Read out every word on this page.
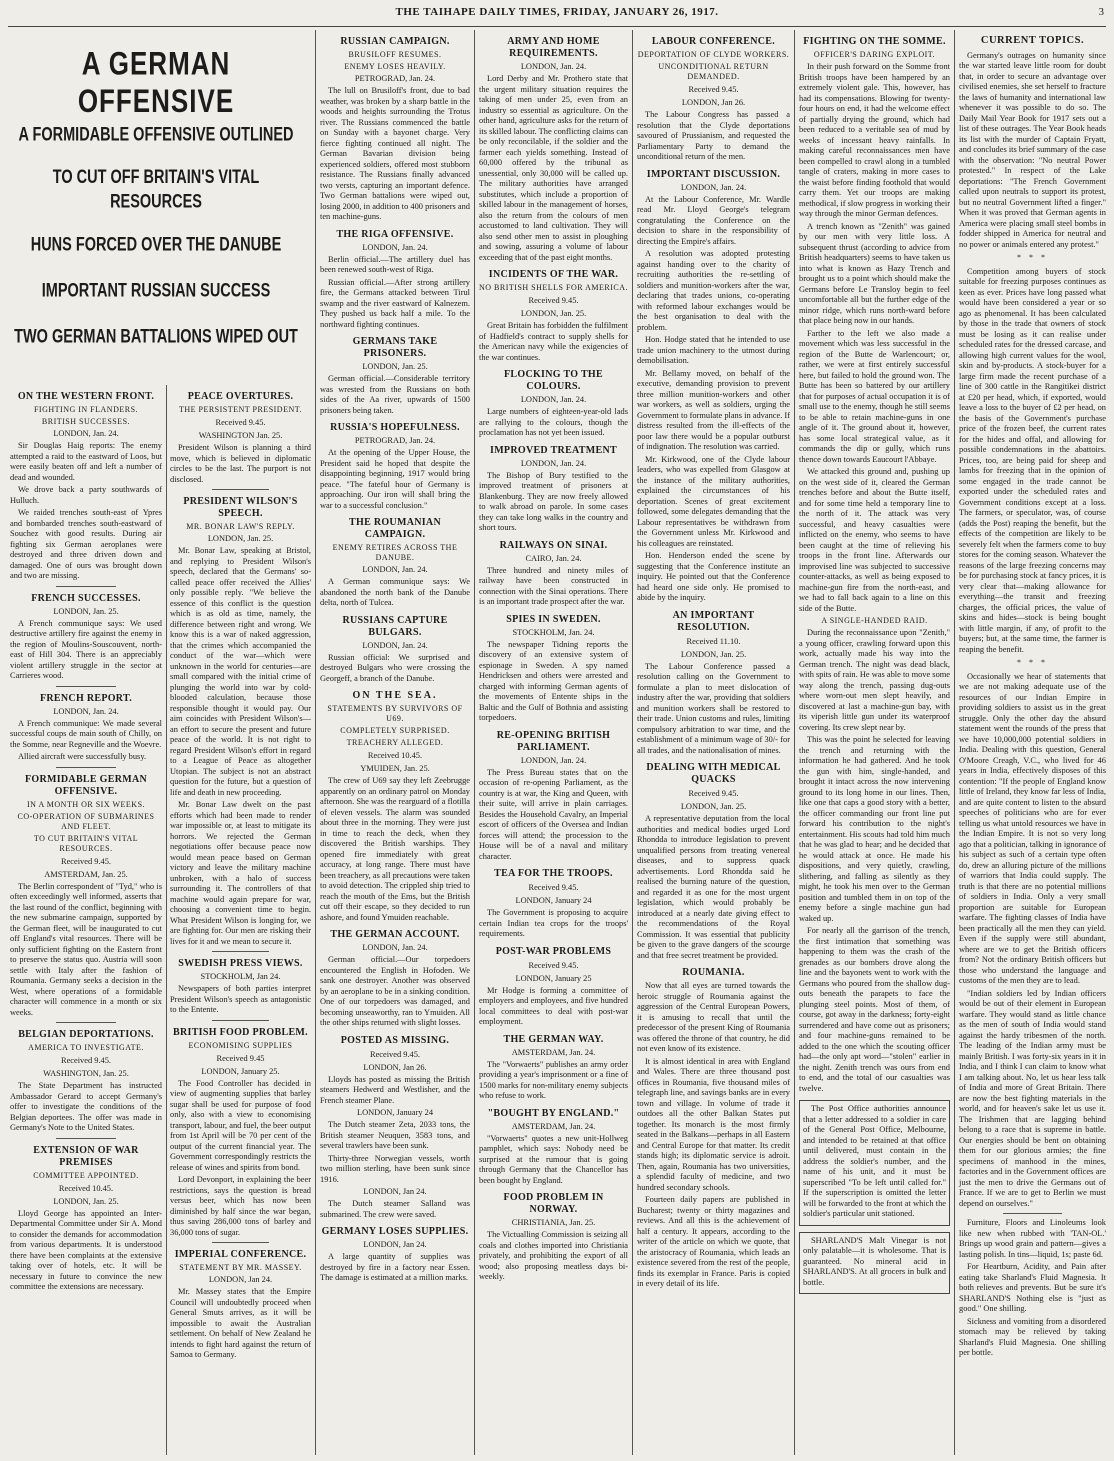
THE TAIHAPE DAILY TIMES, FRIDAY, JANUARY 26, 1917.	3
A GERMAN OFFENSIVE
A FORMIDABLE OFFENSIVE OUTLINED
TO CUT OFF BRITAIN'S VITAL RESOURCES
HUNS FORCED OVER THE DANUBE
IMPORTANT RUSSIAN SUCCESS
TWO GERMAN BATTALIONS WIPED OUT
ON THE WESTERN FRONT.
FIGHTING IN FLANDERS.
BRITISH SUCCESSES.
LONDON, Jan. 24.

Sir Douglas Haig reports: The enemy attempted a raid to the eastward of Loos, but were easily beaten off and left a number of dead and wounded.

We drove back a party southwards of Hulluch.

We raided trenches south-east of Ypres and bombarded trenches south-eastward of Souchez with good results. During air fighting six German aeroplanes were destroyed and three driven down and damaged. One of ours was brought down and two are missing.

FRENCH SUCCESSES.
LONDON, Jan. 25.

A French communique says: We used destructive artillery fire against the enemy in the region of Moulins-Souscouvent, north-east of Hill 304. There is an appreciably violent artillery struggle in the sector at Carrieres wood.

FRENCH REPORT.
LONDON, Jan. 24.

A French communique: We made several successful coups de main south of Chilly, on the Somme, near Regneville and the Woevre.

Allied aircraft were successfully busy.

FORMIDABLE GERMAN OFFENSIVE.
IN A MONTH OR SIX WEEKS.
CO-OPERATION OF SUBMARINES AND FLEET.
TO CUT BRITAIN'S VITAL RESOURCES.
Received 9.45.
AMSTERDAM, Jan. 25.

The Berlin correspondent of "Tyd," who is often exceedingly well informed, asserts that the last round of the conflict, beginning with the new submarine campaign, supported by the German fleet, will be inaugurated to cut off England's vital resources. There will be only sufficient fighting on the Eastern front to preserve the status quo. Austria will soon settle with Italy after the fashion of Roumania. Germany seeks a decision in the West, where operations of a formidable character will commence in a month or six weeks.

BELGIAN DEPORTATIONS.
AMERICA TO INVESTIGATE.
Received 9.45.
WASHINGTON, Jan. 25.

The State Department has instructed Ambassador Gerard to accept Germany's offer to investigate the conditions of the Belgian deportees. The offer was made in Germany's Note to the United States.

EXTENSION OF WAR PREMISES
COMMITTEE APPOINTED.
Received 10.45.
LONDON, Jan. 25.

Lloyd George has appointed an Inter-Departmental Committee under Sir A. Mond to consider the demands for accommodation from various departments. It is understood there have been complaints at the extensive taking over of hotels, etc. It will be necessary in future to convince the new committee the extensions are necessary.

PEACE OVERTURES.
THE PERSISTENT PRESIDENT.
Received 9.45.
WASHINGTON Jan. 25.

President Wilson is planning a third move, which is believed in diplomatic circles to be the last. The purport is not disclosed.

PRESIDENT WILSON'S SPEECH.
MR. BONAR LAW'S REPLY.
LONDON, Jan. 25.

Mr. Bonar Law, speaking at Bristol, and replying to President Wilson's speech, declared that the Germans' so-called peace offer received the Allies' only possible reply. "We believe the essence of this conflict is the question which is as old as time, namely, the difference between right and wrong. We know this is a war of naked aggression, that the crimes which accompanied the conduct of the war—which were unknown in the world for centuries—are small compared with the initial crime of plunging the world into war by cold-blooded calculation, because those responsible thought it would pay. Our aim coincides with President Wilson's—an effort to secure the present and future peace of the world. It is not right to regard President Wilson's effort in regard to a League of Peace as altogether Utopian. The subject is not an abstract question for the future, but a question of life and death in new proceeding.

Mr. Bonar Law dwelt on the past efforts which had been made to render war impossible or, at least to mitigate its horrors. We rejected the German negotiations offer because peace now would mean peace based on German victory and leave the military machine unbroken, with a halo of success surrounding it. The controllers of that machine would again prepare for war, choosing a convenient time to begin. What President Wilson is longing for, we are fighting for. Our men are risking their lives for it and we mean to secure it.

SWEDISH PRESS VIEWS.
STOCKHOLM, Jan 24.

Newspapers of both parties interpret President Wilson's speech as antagonistic to the Entente.

BRITISH FOOD PROBLEM.
ECONOMISING SUPPLIES
Received 9.45
LONDON, January 25.

The Food Controller has decided in view of augmenting supplies that barley sugar shall be used for purpose of food only, also with a view to economising transport, labour, and fuel, the beer output from 1st April will be 70 per cent of the output of the current financial year. The Government correspondingly restricts the release of wines and spirits from bond.

Lord Devonport, in explaining the beer restrictions, says the question is bread versus beer, which has now been diminished by half since the war began, thus saving 286,000 tons of barley and 36,000 tons of sugar.

IMPERIAL CONFERENCE.
STATEMENT BY MR. MASSEY.
LONDON, Jan 24.

Mr. Massey states that the Empire Council will undoubtedly proceed when General Smuts arrives, as it will be impossible to await the Australian settlement. On behalf of New Zealand he intends to fight hard against the return of Samoa to Germany.

RUSSIAN CAMPAIGN.
BRUSILOFF RESUMES.
ENEMY LOSES HEAVILY.
PETROGRAD, Jan. 24.

The lull on Brusiloff's front, due to bad weather, was broken by a sharp battle in the woods and heights surrounding the Trotus river. The Russians commenced the battle on Sunday with a bayonet charge. Very fierce fighting continued all night. The German Bavarian division being experienced soldiers, offered most stubborn resistance. The Russians finally advanced two versts, capturing an important defence. Two German battalions were wiped out, losing 2000, in addition to 400 prisoners and ten machine-guns.

THE RIGA OFFENSIVE.
LONDON, Jan. 24.

Berlin official.—The artillery duel has been renewed south-west of Riga.

Russian official.—After strong artillery fire, the Germans attacked between Tirul swamp and the river eastward of Kalnezem. They pushed us back half a mile. To the northward fighting continues.

GERMANS TAKE PRISONERS.
LONDON, Jan. 25.

German official.—Considerable territory was wrested from the Russians on both sides of the Aa river, upwards of 1500 prisoners being taken.

RUSSIA'S HOPEFULNESS.
PETROGRAD, Jan. 24.

At the opening of the Upper House, the President said he hoped that despite the disappointing beginning, 1917 would bring peace. "The fateful hour of Germany is approaching. Our iron will shall bring the war to a successful conclusion."

THE ROUMANIAN CAMPAIGN.
ENEMY RETIRES ACROSS THE DANUBE.
LONDON, Jan. 24.

A German communique says: We abandoned the north bank of the Danube delta, north of Tulcea.

RUSSIANS CAPTURE BULGARS.
LONDON, Jan. 24.

Russian official: We surprised and destroyed Bulgars who were crossing the Georgeff, a branch of the Danube.

ON THE SEA.
STATEMENTS BY SURVIVORS OF U69.
COMPLETELY SURPRISED.
TREACHERY ALLEGED.
Received 10.45.
YMUIDEN, Jan. 25.

The crew of U69 say they left Zeebrugge apparently on an ordinary patrol on Monday afternoon. She was the rearguard of a flotilla of eleven vessels. The alarm was sounded about three in the morning. They were just in time to reach the deck, when they discovered the British warships. They opened fire immediately with great accuracy, at long range. There must have been treachery, as all precautions were taken to avoid detection. The crippled ship tried to reach the mouth of the Ems, but the British cut off their escape, so they decided to run ashore, and found Ymuiden reachable.

THE GERMAN ACCOUNT.
LONDON, Jan. 24.

German official.—Our torpedoers encountered the English in Hofoden. We sank one destroyer. Another was observed by an aeroplane to be in a sinking condition. One of our torpedoers was damaged, and becoming unseaworthy, ran to Ymuiden. All the other ships returned with slight losses.

POSTED AS MISSING.
Received 9.45.
LONDON, Jan 26.

Lloyds has posted as missing the British steamers Hedwerd and Westlisher, and the French steamer Plane.

LONDON, January 24

The Dutch steamer Zeta, 2033 tons, the British steamer Neuquen, 3583 tons, and several trawlers have been sunk.

Thirty-three Norwegian vessels, worth two million sterling, have been sunk since 1916.

LONDON, Jan 24.

The Dutch steamer Salland was submarined. The crew were saved.

GERMANY LOSES SUPPLIES.
LONDON, Jan 24.

A large quantity of supplies was destroyed by fire in a factory near Essen. The damage is estimated at a million marks.

ARMY AND HOME REQUIREMENTS.
LONDON, Jan. 24.

Lord Derby and Mr. Prothero state that the urgent military situation requires the taking of men under 25, even from an industry so essential as agriculture. On the other hand, agriculture asks for the return of its skilled labour. The conflicting claims can be only reconcilable, if the soldier and the farmer each yields something. Instead of 60,000 offered by the tribunal as unessential, only 30,000 will be called up. The military authorities have arranged substitutes, which include a proportion of skilled labour in the management of horses, also the return from the colours of men accustomed to land cultivation. They will also send other men to assist in ploughing and sowing, assuring a volume of labour exceeding that of the past eight months.

INCIDENTS OF THE WAR.
NO BRITISH SHELLS FOR AMERICA.
Received 9.45.
LONDON, Jan. 25.

Great Britain has forbidden the fulfilment of Hadfield's contract to supply shells for the American navy while the exigencies of the war continues.

FLOCKING TO THE COLOURS.
LONDON, Jan. 24.

Large numbers of eighteen-year-old lads are rallying to the colours, though the proclamation has not yet been issued.

IMPROVED TREATMENT
LONDON, Jan. 24.

The Bishop of Bury testified to the improved treatment of prisoners at Blankenburg. They are now freely allowed to walk abroad on parole. In some cases they can take long walks in the country and short tours.

RAILWAYS ON SINAI.
CAIRO, Jan. 24.

Three hundred and ninety miles of railway have been constructed in connection with the Sinai operations. There is an important trade prospect after the war.

SPIES IN SWEDEN.
STOCKHOLM, Jan. 24.

The newspaper Tidning reports the discovery of an extensive system of espionage in Sweden. A spy named Hendricksen and others were arrested and charged with informing German agents of the movements of Entente ships in the Baltic and the Gulf of Bothnia and assisting torpedoers.

RE-OPENING BRITISH PARLIAMENT.
LONDON, Jan. 24.

The Press Bureau states that on the occasion of re-opening Parliament, as the country is at war, the King and Queen, with their suite, will arrive in plain carriages. Besides the Household Cavalry, an Imperial escort of officers of the Oversea and Indian forces will attend; the procession to the House will be of a naval and military character.

TEA FOR THE TROOPS.
Received 9.45.
LONDON, January 24

The Government is proposing to acquire certain Indian tea crops for the troops' requirements.

POST-WAR PROBLEMS
Received 9.45.
LONDON, January 25

Mr Hodge is forming a committee of employers and employees, and five hundred local committees to deal with post-war employment.

THE GERMAN WAY.
AMSTERDAM, Jan. 24.

The "Vorwaerts" publishes an army order providing a year's imprisonment or a fine of 1500 marks for non-military enemy subjects who refuse to work.

"BOUGHT BY ENGLAND."
AMSTERDAM, Jan. 24.

"Vorwaerts" quotes a new unit-Hollweg pamphlet, which says: Nobody need be surprised at the rumour that is going through Germany that the Chancellor has been bought by England.

FOOD PROBLEM IN NORWAY.
CHRISTIANIA, Jan. 25.

The Victualling Commission is seizing all coals and clothes imported into Christiania privately, and prohibiting the export of all wood; also proposing meatless days bi-weekly.

LABOUR CONFERENCE.
DEPORTATION OF CLYDE WORKERS.
UNCONDITIONAL RETURN DEMANDED.
Received 9.45.
LONDON, Jan 26.

The Labour Congress has passed a resolution that the Clyde deportations savoured of Prussianism, and requested the Parliamentary Party to demand the unconditional return of the men.

IMPORTANT DISCUSSION.
LONDON, Jan. 24.

At the Labour Conference, Mr. Wardle read Mr. Lloyd George's telegram congratulating the Conference on the decision to share in the responsibility of directing the Empire's affairs.

A resolution was adopted protesting against handing over to the charity of recruiting authorities the re-settling of soldiers and munition-workers after the war, declaring that trades unions, co-operating with reformed labour exchanges would be the best organisation to deal with the problem.

Hon. Hodge stated that he intended to use trade union machinery to the utmost during demobilisation.

Mr. Bellamy moved, on behalf of the executive, demanding provision to prevent three million munition-workers and other war workers, as well as soldiers, urging the Government to formulate plans in advance. If distress resulted from the ill-effects of the poor law there would be a popular outburst of indignation. The resolution was carried.

Mr. Kirkwood, one of the Clyde labour leaders, who was expelled from Glasgow at the instance of the military authorities, explained the circumstances of his deportation. Scenes of great excitement followed, some delegates demanding that the Labour representatives be withdrawn from the Government unless Mr. Kirkwood and his colleagues are reinstated.

Hon. Henderson ended the scene by suggesting that the Conference institute an inquiry. He pointed out that the Conference had heard one side only. He promised to abide by the inquiry.

AN IMPORTANT RESOLUTION.
Received 11.10.
LONDON, Jan. 25.

The Labour Conference passed a resolution calling on the Government to formulate a plan to meet dislocation of industry after the war, providing that soldiers and munition workers shall be restored to their trade. Union customs and rules, limiting compulsory arbitration to war time, and the establishment of a minimum wage of 30/- for all trades, and the nationalisation of mines.

DEALING WITH MEDICAL QUACKS
Received 9.45.
LONDON, Jan. 25.

A representative deputation from the local authorities and medical bodies urged Lord Rhondda to introduce legislation to prevent unqualified persons from treating venereal diseases, and to suppress quack advertisements. Lord Rhondda said he realised the burning nature of the question, and regarded it as one for the most urgent legislation, which would probably be introduced at a nearly date giving effect to the recommendations of the Royal Commission. It was essential that publicity be given to the grave dangers of the scourge and that free secret treatment be provided.

ROUMANIA.

Now that all eyes are turned towards the heroic struggle of Roumania against the aggression of the Central European Powers, it is amusing to recall that until the predecessor of the present King of Roumania was offered the throne of that country, he did not even know of its existence.

It is almost identical in area with England and Wales. There are three thousand post offices in Roumania, five thousand miles of telegraph line, and savings banks are in every town and village. In volume of trade it outdoes all the other Balkan States put together. Its monarch is the most firmly seated in the Balkans—perhaps in all Eastern and Central Europe for that matter. Its credit stands high; its diplomatic service is adroit. Then, again, Roumania has two universities, a splendid faculty of medicine, and two hundred secondary schools.

Fourteen daily papers are published in Bucharest; twenty or thirty magazines and reviews. And all this is the achievement of half a century. It appears, according to the writer of the article on which we quote, that the aristocracy of Roumania, which leads an existence severed from the rest of the people, finds its exemplar in France. Paris is copied in every detail of its life.

FIGHTING ON THE SOMME.
OFFICER'S DARING EXPLOIT.

In their push forward on the Somme front British troops have been hampered by an extremely violent gale. This, however, has had its compensations. Blowing for twenty-four hours on end, it had the welcome effect of partially drying the ground, which had been reduced to a veritable sea of mud by weeks of incessant heavy rainfalls. In making careful reconnaissances men have been compelled to crawl along in a tumbled tangle of craters, making in more cases to the waist before finding foothold that would carry them. Yet our troops are making methodical, if slow progress in working their way through the minor German defences.

A trench known as "Zenith" was gained by our men with very little loss. A subsequent thrust (according to advice from British headquarters) seems to have taken us into what is known as Hazy Trench and brought us to a point which should make the Germans before Le Transloy begin to feel uncomfortable all but the further edge of the minor ridge, which runs north-ward before that place being now in our hands.

Farther to the left we also made a movement which was less successful in the region of the Butte de Warlencourt; or, rather, we were at first entirely successful here, but failed to hold the ground won. The Butte has been so battered by our artillery that for purposes of actual occupation it is of small use to the enemy, though he still seems to be able to retain machine-guns in one angle of it. The ground about it, however, has some local strategical value, as it commands the dip or gully, which runs thence down towards Eaucourt l'Abbaye.

We attacked this ground and, pushing up on the west side of it, cleared the German trenches before and about the Butte itself, and for some time held a temporary line to the north of it. The attack was very successful, and heavy casualties were inflicted on the enemy, who seems to have been caught at the time of relieving his troops in the front line. Afterwards our improvised line was subjected to successive counter-attacks, as well as being exposed to machine-gun fire from the north-east, and we had to fall back again to a line on this side of the Butte.

A SINGLE-HANDED RAID.

During the reconnaissance upon "Zenith," a young officer, crawling forward upon this work, actually made his way into the German trench. The night was dead black, with spits of rain. He was able to move some way along the trench, passing dug-outs where worn-out men slept heavily, and discovered at last a machine-gun bay, with its viperish little gun under its waterproof covering. Its crew slept near by.

This was the point he selected for leaving the trench and returning with the information he had gathered. And he took the gun with him, single-handed, and brought it intact across the now intervening ground to its long home in our lines. Then, like one that caps a good story with a better, the officer commanding our front line put forward his contribution to the night's entertainment. His scouts had told him much that he was glad to hear; and he decided that he would attack at once. He made his dispositions, and very quietly, crawling, slithering, and falling as silently as they might, he took his men over to the German position and tumbled them in on top of the enemy before a single machine gun had waked up.

For nearly all the garrison of the trench, the first intimation that something was happening to them was the crash of the grenades as our bombers drove along the line and the bayonets went to work with the Germans who poured from the shallow dug-outs beneath the parapets to face the plunging steel points. Most of them, of course, got away in the darkness; forty-eight surrendered and have come out as prisoners; and four machine-guns remained to be added to the one which the scouting officer had—the only apt word—"stolen" earlier in the night. Zenith trench was ours from end to end, and the total of our casualties was twelve.

The Post Office authorities announce that a letter addressed to a soldier in care of the General Post Office, Melbourne, and intended to be retained at that office until delivered, must contain in the address the soldier's number, and the name of his unit, and it must be superscribed "To be left until called for." If the superscription is omitted the letter will be forwarded to the front at which the soldier's particular unit stationed.

SHARLAND'S Malt Vinegar is not only palatable—it is wholesome. That is guaranteed. No mineral acid in SHARLAND'S. At all grocers in bulk and bottle.

CURRENT TOPICS.

Germany's outrages on humanity since the war started leave little room for doubt that, in order to secure an advantage over civilised enemies, she set herself to fracture the laws of humanity and international law whenever it was possible to do so. The Daily Mail Year Book for 1917 sets out a list of these outrages. The Year Book heads its list with the murder of Captain Fryatt, and concludes its brief summary of the case with the observation: "No neutral Power protested." In respect of the Lake deportations: "The French Government called upon neutrals to support its protest, but no neutral Government lifted a finger." When it was proved that German agents in America were placing small steel bombs in fodder shipped in America for neutral and no power or animals entered any protest."

* * *

Competition among buyers of stock suitable for freezing purposes continues as keen as ever. Prices have long passed what would have been considered a year or so ago as phenomenal. It has been calculated by those in the trade that owners of stock must be losing as it can realise under scheduled rates for the dressed carcase, and allowing high current values for the wool, skin and by-products. A stock-buyer for a large firm made the recent purchase of a line of 300 cattle in the Rangitikei district at £20 per head, which, if exported, would leave a loss to the buyer of £2 per head, on the basis of the Government's purchase price of the frozen beef, the current rates for the hides and offal, and allowing for possible condemnations in the abattoirs. Prices, too, are being paid for sheep and lambs for freezing that in the opinion of some engaged in the trade cannot be exported under the scheduled rates and Government conditions except at a loss. The farmers, or speculator, was, of course (adds the Post) reaping the benefit, but the effects of the competition are likely to be severely felt when the farmers come to buy stores for the coming season. Whatever the reasons of the large freezing concerns may be for purchasing stock at fancy prices, it is very clear that—making allowance for everything—the transit and freezing charges, the official prices, the value of skins and hides—stock is being bought with little margin, if any, of profit to the buyers; but, at the same time, the farmer is reaping the benefit.

* * *

Occasionally we hear of statements that we are not making adequate use of the resources of our Indian Empire in providing soldiers to assist us in the great struggle. Only the other day the absurd statement went the rounds of the press that we have 10,000,000 potential soldiers in India. Dealing with this question, General O'Moore Creagh, V.C., who lived for 46 years in India, effectively disposes of this contention: "If the people of England know little of Ireland, they know far less of India, and are quite content to listen to the absurd speeches of politicians who are for ever telling us what untold resources we have in the Indian Empire. It is not so very long ago that a politician, talking in ignorance of his subject as such of a certain type often do, drew an alluring picture of the millions of warriors that India could supply. The truth is that there are no potential millions of soldiers in India. Only a very small proportion are suitable for European warfare. The fighting classes of India have been practically all the men they can yield. Even if the supply were still abundant, where are we to get the British officers from? Not the ordinary British officers but those who understand the language and customs of the men they are to lead.

"Indian soldiers led by Indian officers would be out of their element in European warfare. They would stand as little chance as the men of south of India would stand against the hardy tribesmen of the north. The leading of the Indian army must be mainly British. I was forty-six years in it in India, and I think I can claim to know what I am talking about. No, let us hear less talk of India and more of Great Britain. There are now the best fighting materials in the world, and for heaven's sake let us use it. The Irishmen that are lagging behind belong to a race that is supreme in battle. Our energies should be bent on obtaining them for our glorious armies; the fine specimens of manhood in the mines, factories and in the Government offices are just the men to drive the Germans out of France. If we are to get to Berlin we must depend on ourselves."

Furniture, Floors and Linoleums look like new when rubbed with 'TAN-OL.' Brings up wood grain and pattern—gives a lasting polish. In tins—liquid, 1s; paste 6d.

For Heartburn, Acidity, and Pain after eating take Sharland's Fluid Magnesia. It both relieves and prevents. But be sure it's SHARLAND'S Nothing else is "just as good." One shilling.

Sickness and vomiting from a disordered stomach may be relieved by taking Sharland's Fluid Magnesia. One shilling per bottle.
